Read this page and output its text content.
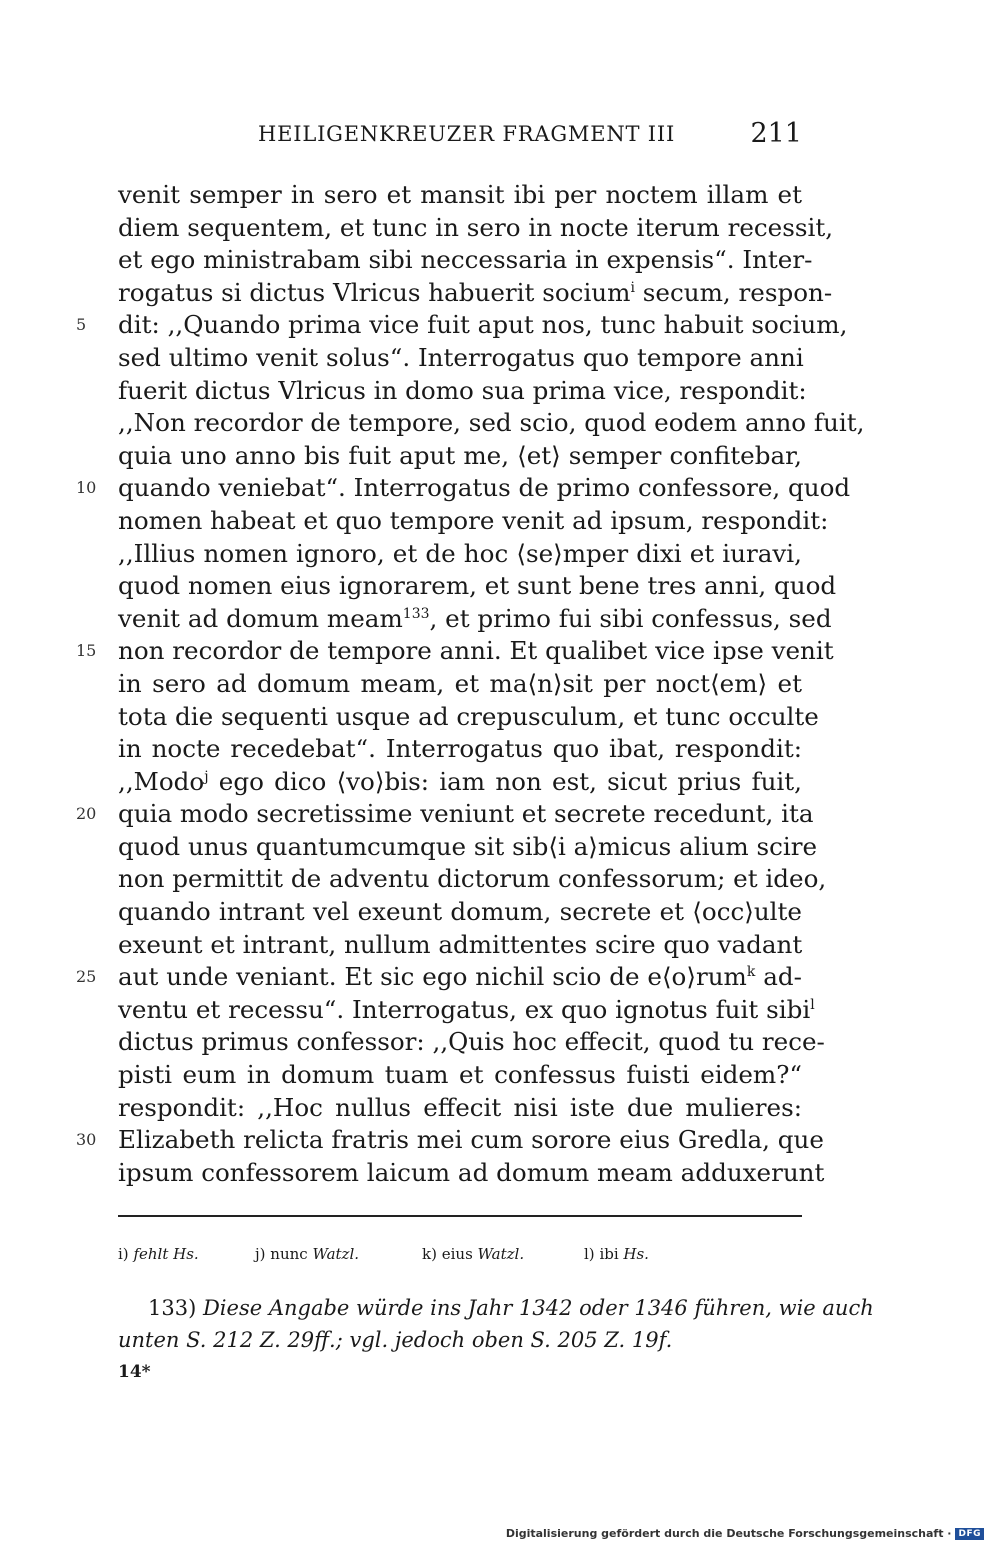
HEILIGENKREUZER FRAGMENT III	211
venit semper in sero et mansit ibi per noctem illam et
diem sequentem, et tunc in sero in nocte iterum recessit,
et ego ministrabam sibi neccessaria in expensis“. Inter-
rogatus si dictus Vlricus habuerit socium$^i$ secum, respon-
5	dit: ,,Quando prima vice fuit aput nos, tunc habuit socium,
sed ultimo venit solus“. Interrogatus quo tempore anni
fuerit dictus Vlricus in domo sua prima vice, respondit:
,,Non recordor de tempore, sed scio, quod eodem anno fuit,
quia uno anno bis fuit aput me, ⟨et⟩ semper confitebar,
10 quando veniebat“. Interrogatus de primo confessore, quod
nomen habeat et quo tempore venit ad ipsum, respondit:
,,Illius nomen ignoro, et de hoc ⟨se⟩mper dixi et iuravi,
quod nomen eius ignorarem, et sunt bene tres anni, quod
venit ad domum meam$^{133}$, et primo fui sibi confessus, sed
15 non recordor de tempore anni. Et qualibet vice ipse venit
in sero ad domum meam, et ma⟨n⟩sit per noct⟨em⟩ et
tota die sequenti usque ad crepusculum, et tunc occulte
in nocte recedebat“. Interrogatus quo ibat, respondit:
,,Modo$^j$ ego dico ⟨vo⟩bis: iam non est, sicut prius fuit,
20 quia modo secretissime veniunt et secrete recedunt, ita
quod unus quantumcumque sit sib⟨i a⟩micus alium scire
non permittit de adventu dictorum confessorum; et ideo,
quando intrant vel exeunt domum, secrete et ⟨occ⟩ulte
exeunt et intrant, nullum admittentes scire quo vadant
25 aut unde veniant. Et sic ego nichil scio de e⟨o⟩rum$^k$ ad-
ventu et recessu“. Interrogatus, ex quo ignotus fuit sibi$^l$
dictus primus confessor: ,,Quis hoc effecit, quod tu rece-
pisti eum in domum tuam et confessus fuisti eidem?“
respondit: ,,Hoc nullus effecit nisi iste due mulieres:
30 Elizabeth relicta fratris mei cum sorore eius Gredla, que
ipsum confessorem laicum ad domum meam adduxerunt
i) fehlt Hs.	j) nunc Watzl.	k) eius Watzl.	l) ibi Hs.
133) Diese Angabe würde ins Jahr 1342 oder 1346 führen, wie auch
unten S. 212 Z. 29ff.; vgl. jedoch oben S. 205 Z. 19f.
14*
Digitalisierung gefördert durch die Deutsche Forschungsgemeinschaft · DFG
